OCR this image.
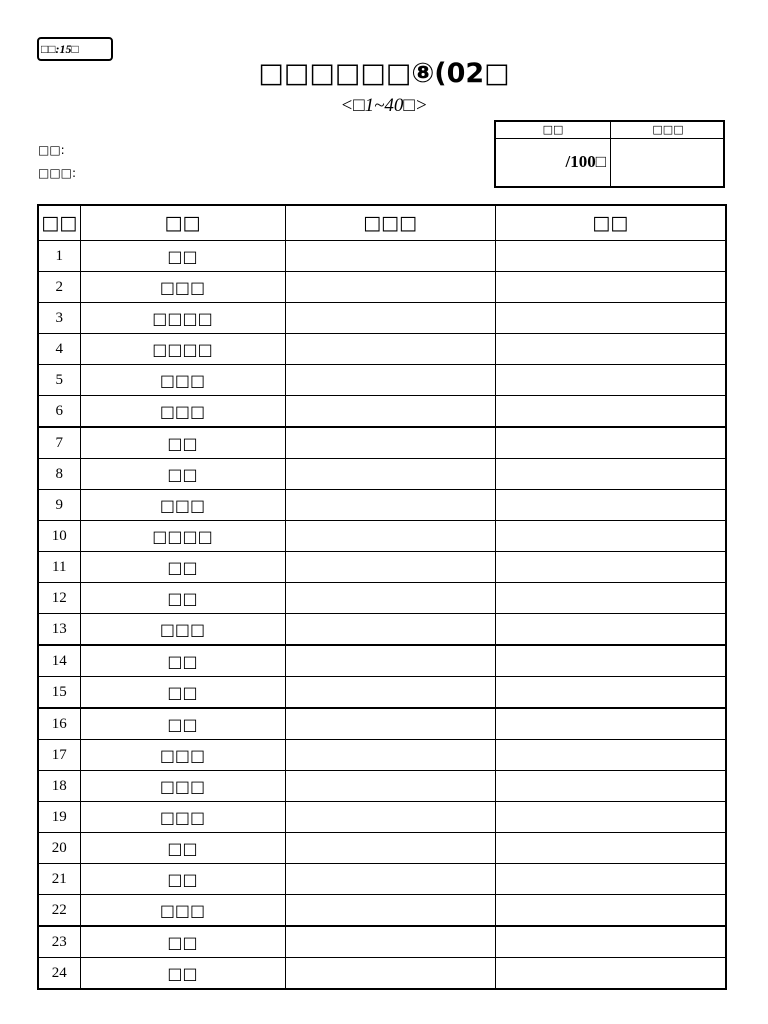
□□:15□
□□□□□□⑧(02□
<□1~40□>
□□:
□□□:
□□	□□□
/100□
□□	□□	□□□	□□
1	□□		
2	□□□		
3	□□□□		
4	□□□□		
5	□□□		
6	□□□		
7	□□		
8	□□		
9	□□□		
10	□□□□		
11	□□		
12	□□		
13	□□□		
14	□□		
15	□□		
16	□□		
17	□□□		
18	□□□		
19	□□□		
20	□□		
21	□□		
22	□□□		
23	□□		
24	□□		
